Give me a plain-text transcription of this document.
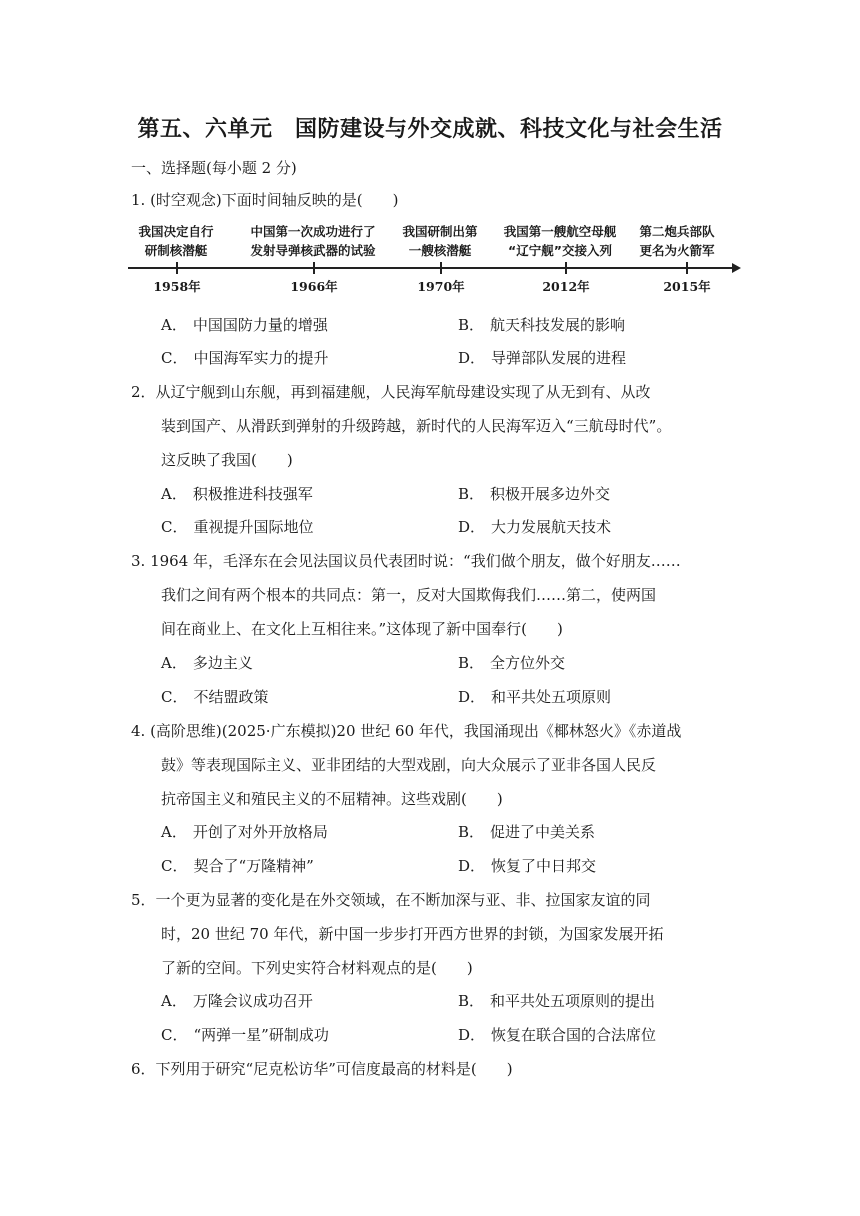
第五、六单元　国防建设与外交成就、科技文化与社会生活
一、选择题(每小题 2 分)
1. (时空观念)下面时间轴反映的是(　　)
我国决定自行
研制核潜艇
中国第一次成功进行了
发射导弹核武器的试验
我国研制出第
一艘核潜艇
我国第一艘航空母舰
“辽宁舰”交接入列
第二炮兵部队
更名为火箭军
1958年	1966年	1970年	2012年	2015年
A． 中国国防力量的增强	B． 航天科技发展的影响
C． 中国海军实力的提升	D． 导弹部队发展的进程
2．从辽宁舰到山东舰，再到福建舰，人民海军航母建设实现了从无到有、从改
装到国产、从滑跃到弹射的升级跨越，新时代的人民海军迈入“三航母时代”。
这反映了我国(　　)
A． 积极推进科技强军	B． 积极开展多边外交
C． 重视提升国际地位	D． 大力发展航天技术
3. 1964 年，毛泽东在会见法国议员代表团时说：“我们做个朋友，做个好朋友……
我们之间有两个根本的共同点：第一，反对大国欺侮我们……第二，使两国
间在商业上、在文化上互相往来。”这体现了新中国奉行(　　)
A． 多边主义	B． 全方位外交
C． 不结盟政策	D． 和平共处五项原则
4. (高阶思维)(2025·广东模拟)20 世纪 60 年代，我国涌现出《椰林怒火》《赤道战
鼓》等表现国际主义、亚非团结的大型戏剧，向大众展示了亚非各国人民反
抗帝国主义和殖民主义的不屈精神。这些戏剧(　　)
A． 开创了对外开放格局	B． 促进了中美关系
C． 契合了“万隆精神”	D． 恢复了中日邦交
5．一个更为显著的变化是在外交领域，在不断加深与亚、非、拉国家友谊的同
时，20 世纪 70 年代，新中国一步步打开西方世界的封锁，为国家发展开拓
了新的空间。下列史实符合材料观点的是(　　)
A． 万隆会议成功召开	B． 和平共处五项原则的提出
C． “两弹一星”研制成功	D． 恢复在联合国的合法席位
6．下列用于研究“尼克松访华”可信度最高的材料是(　　)
